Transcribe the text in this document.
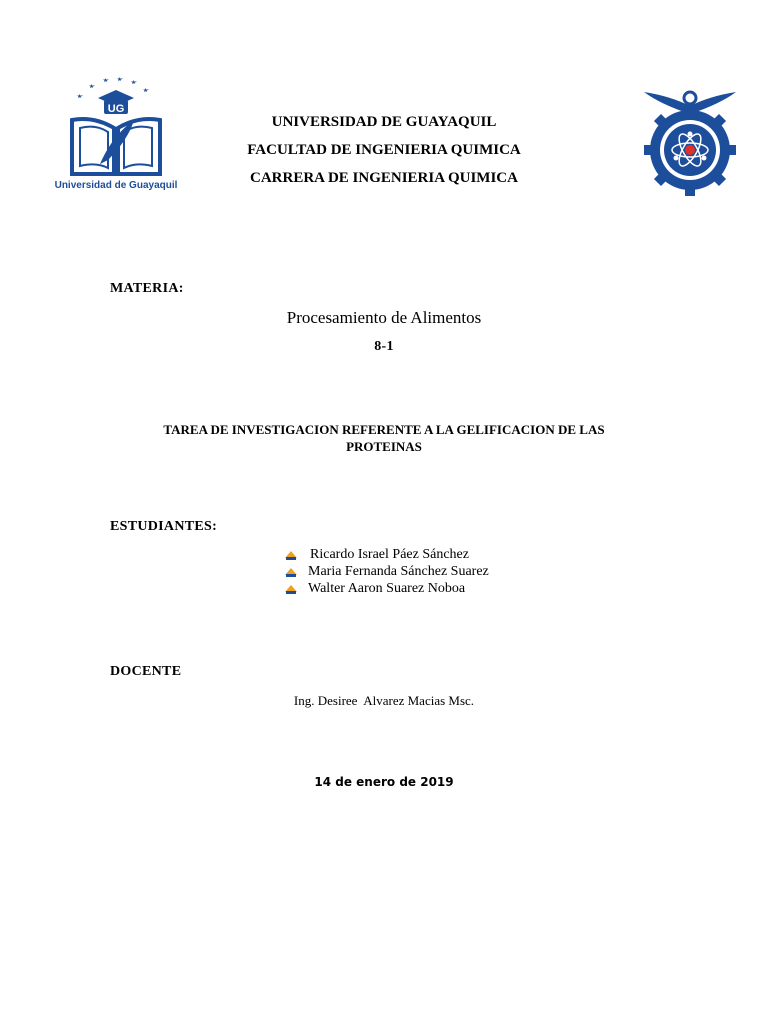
UG
Universidad de Guayaquil
UNIVERSIDAD DE GUAYAQUIL
FACULTAD DE INGENIERIA QUIMICA
CARRERA DE INGENIERIA QUIMICA
MATERIA:
Procesamiento de Alimentos
8-1
TAREA DE INVESTIGACION REFERENTE A LA GELIFICACION DE LAS
PROTEINAS
ESTUDIANTES:
Ricardo Israel Páez Sánchez
Maria Fernanda Sánchez Suarez
Walter Aaron Suarez Noboa
DOCENTE
Ing. Desiree  Alvarez Macias Msc.
14 de enero de 2019
